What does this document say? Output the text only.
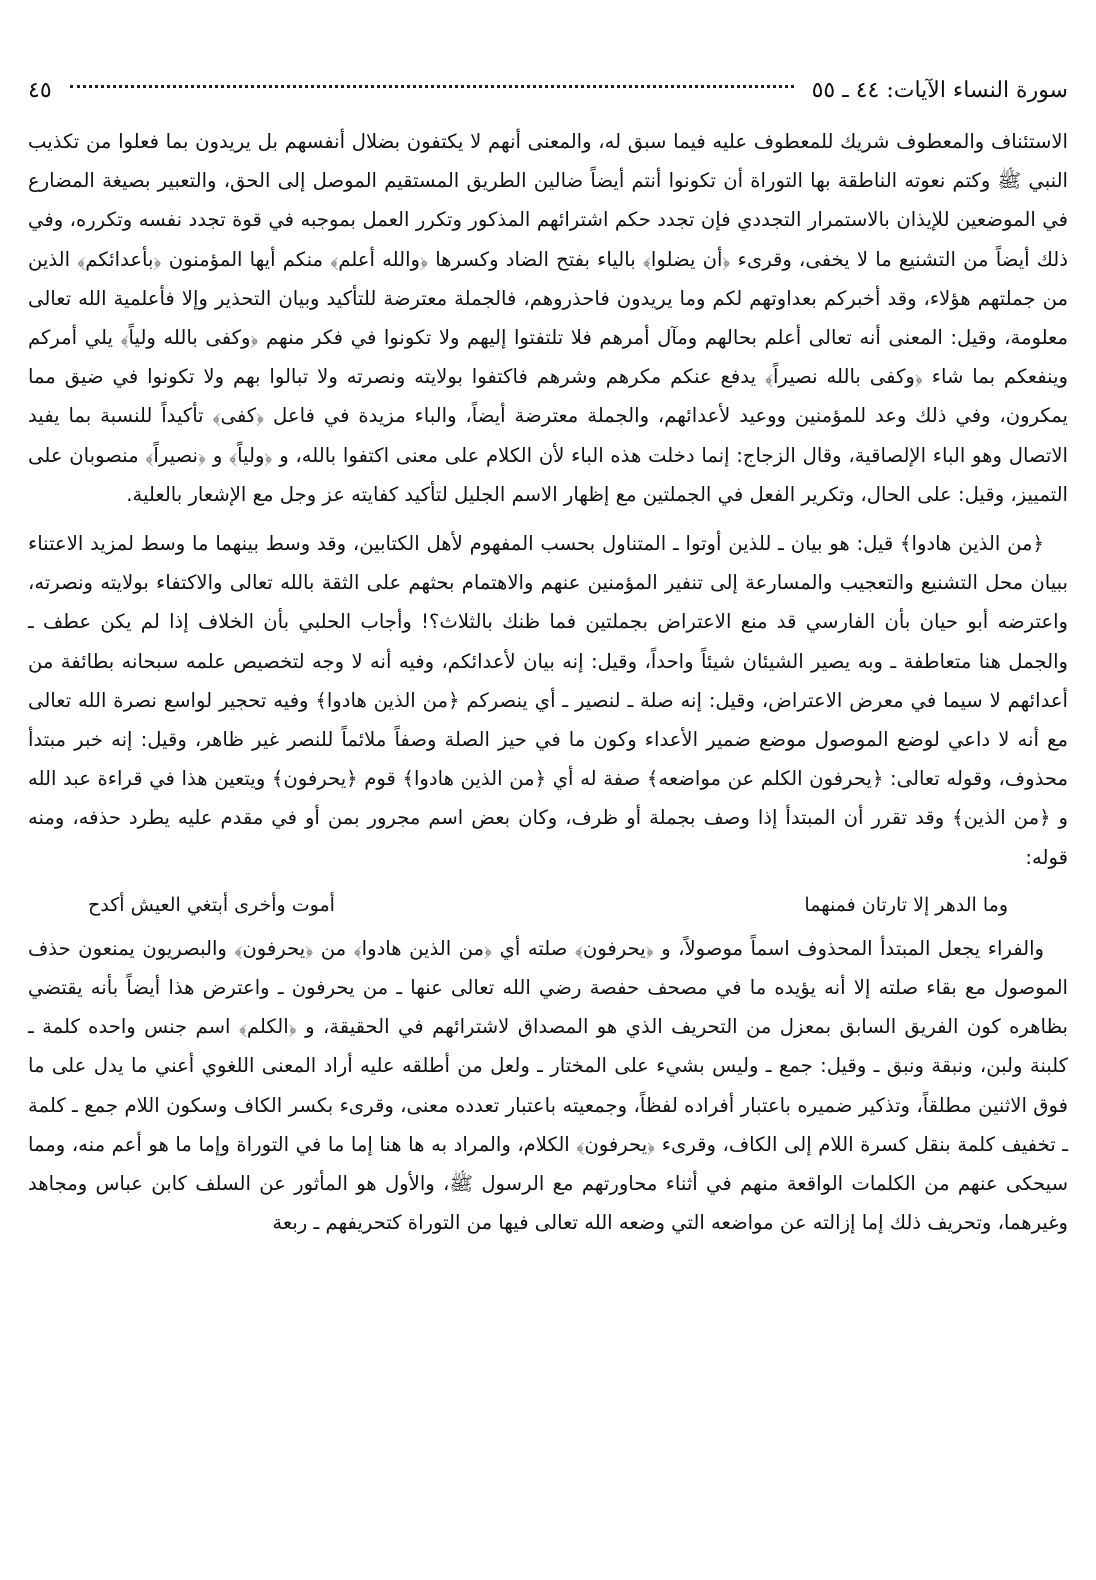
سورة النساء الآيات: ٤٤ ـ ٥٥
٤٥

الاستئناف والمعطوف شريك للمعطوف عليه فيما سبق له، والمعنى أنهم لا يكتفون بضلال أنفسهم بل يريدون بما فعلوا من تكذيب النبي ﷺ وكتم نعوته الناطقة بها التوراة أن تكونوا أنتم أيضاً ضالين الطريق المستقيم الموصل إلى الحق، والتعبير بصيغة المضارع في الموضعين للإيذان بالاستمرار التجددي فإن تجدد حكم اشترائهم المذكور وتكرر العمل بموجبه في قوة تجدد نفسه وتكرره، وفي ذلك أيضاً من التشنيع ما لا يخفى، وقرىء ﴿أن يضلوا﴾ بالياء بفتح الضاد وكسرها ﴿والله أعلم﴾ منكم أيها المؤمنون ﴿بأعدائكم﴾ الذين من جملتهم هؤلاء، وقد أخبركم بعداوتهم لكم وما يريدون فاحذروهم، فالجملة معترضة للتأكيد وبيان التحذير وإلا فأعلمية الله تعالى معلومة، وقيل: المعنى أنه تعالى أعلم بحالهم ومآل أمرهم فلا تلتفتوا إليهم ولا تكونوا في فكر منهم ﴿وكفى بالله ولياً﴾ يلي أمركم وينفعكم بما شاء ﴿وكفى بالله نصيراً﴾ يدفع عنكم مكرهم وشرهم فاكتفوا بولايته ونصرته ولا تبالوا بهم ولا تكونوا في ضيق مما يمكرون، وفي ذلك وعد للمؤمنين ووعيد لأعدائهم، والجملة معترضة أيضاً، والباء مزيدة في فاعل ﴿كفى﴾ تأكيداً للنسبة بما يفيد الاتصال وهو الباء الإلصاقية، وقال الزجاج: إنما دخلت هذه الباء لأن الكلام على معنى اكتفوا بالله، و ﴿ولياً﴾ و ﴿نصيراً﴾ منصوبان على التمييز، وقيل: على الحال، وتكرير الفعل في الجملتين مع إظهار الاسم الجليل لتأكيد كفايته عز وجل مع الإشعار بالعلية.

﴿من الذين هادوا﴾ قيل: هو بيان ـ للذين أوتوا ـ المتناول بحسب المفهوم لأهل الكتابين، وقد وسط بينهما ما وسط لمزيد الاعتناء ببيان محل التشنيع والتعجيب والمسارعة إلى تنفير المؤمنين عنهم والاهتمام بحثهم على الثقة بالله تعالى والاكتفاء بولايته ونصرته، واعترضه أبو حيان بأن الفارسي قد منع الاعتراض بجملتين فما ظنك بالثلاث؟! وأجاب الحلبي بأن الخلاف إذا لم يكن عطف ـ والجمل هنا متعاطفة ـ وبه يصير الشيئان شيئاً واحداً، وقيل: إنه بيان لأعدائكم، وفيه أنه لا وجه لتخصيص علمه سبحانه بطائفة من أعدائهم لا سيما في معرض الاعتراض، وقيل: إنه صلة ـ لنصير ـ أي ينصركم ﴿من الذين هادوا﴾ وفيه تحجير لواسع نصرة الله تعالى مع أنه لا داعي لوضع الموصول موضع ضمير الأعداء وكون ما في حيز الصلة وصفاً ملائماً للنصر غير ظاهر، وقيل: إنه خبر مبتدأ محذوف، وقوله تعالى: ﴿يحرفون الكلم عن مواضعه﴾ صفة له أي ﴿من الذين هادوا﴾ قوم ﴿يحرفون﴾ ويتعين هذا في قراءة عبد الله و ﴿من الذين﴾ وقد تقرر أن المبتدأ إذا وصف بجملة أو ظرف، وكان بعض اسم مجرور بمن أو في مقدم عليه يطرد حذفه، ومنه قوله:

وما الدهر إلا تارتان فمنهما
أموت وأخرى أبتغي العيش أكدح

والفراء يجعل المبتدأ المحذوف اسماً موصولاً، و ﴿يحرفون﴾ صلته أي ﴿من الذين هادوا﴾ من ﴿يحرفون﴾ والبصريون يمنعون حذف الموصول مع بقاء صلته إلا أنه يؤيده ما في مصحف حفصة رضي الله تعالى عنها ـ من يحرفون ـ واعترض هذا أيضاً بأنه يقتضي بظاهره كون الفريق السابق بمعزل من التحريف الذي هو المصداق لاشترائهم في الحقيقة، و ﴿الكلم﴾ اسم جنس واحده كلمة ـ كلبنة ولبن، ونبقة ونبق ـ وقيل: جمع ـ وليس بشيء على المختار ـ ولعل من أطلقه عليه أراد المعنى اللغوي أعني ما يدل على ما فوق الاثنين مطلقاً، وتذكير ضميره باعتبار أفراده لفظاً، وجمعيته باعتبار تعدده معنى، وقرىء بكسر الكاف وسكون اللام جمع ـ كلمة ـ تخفيف كلمة بنقل كسرة اللام إلى الكاف، وقرىء ﴿يحرفون﴾ الكلام، والمراد به ها هنا إما ما في التوراة وإما ما هو أعم منه، ومما سيحكى عنهم من الكلمات الواقعة منهم في أثناء محاورتهم مع الرسول ﷺ، والأول هو المأثور عن السلف كابن عباس ومجاهد وغيرهما، وتحريف ذلك إما إزالته عن مواضعه التي وضعه الله تعالى فيها من التوراة كتحريفهم ـ ربعة
